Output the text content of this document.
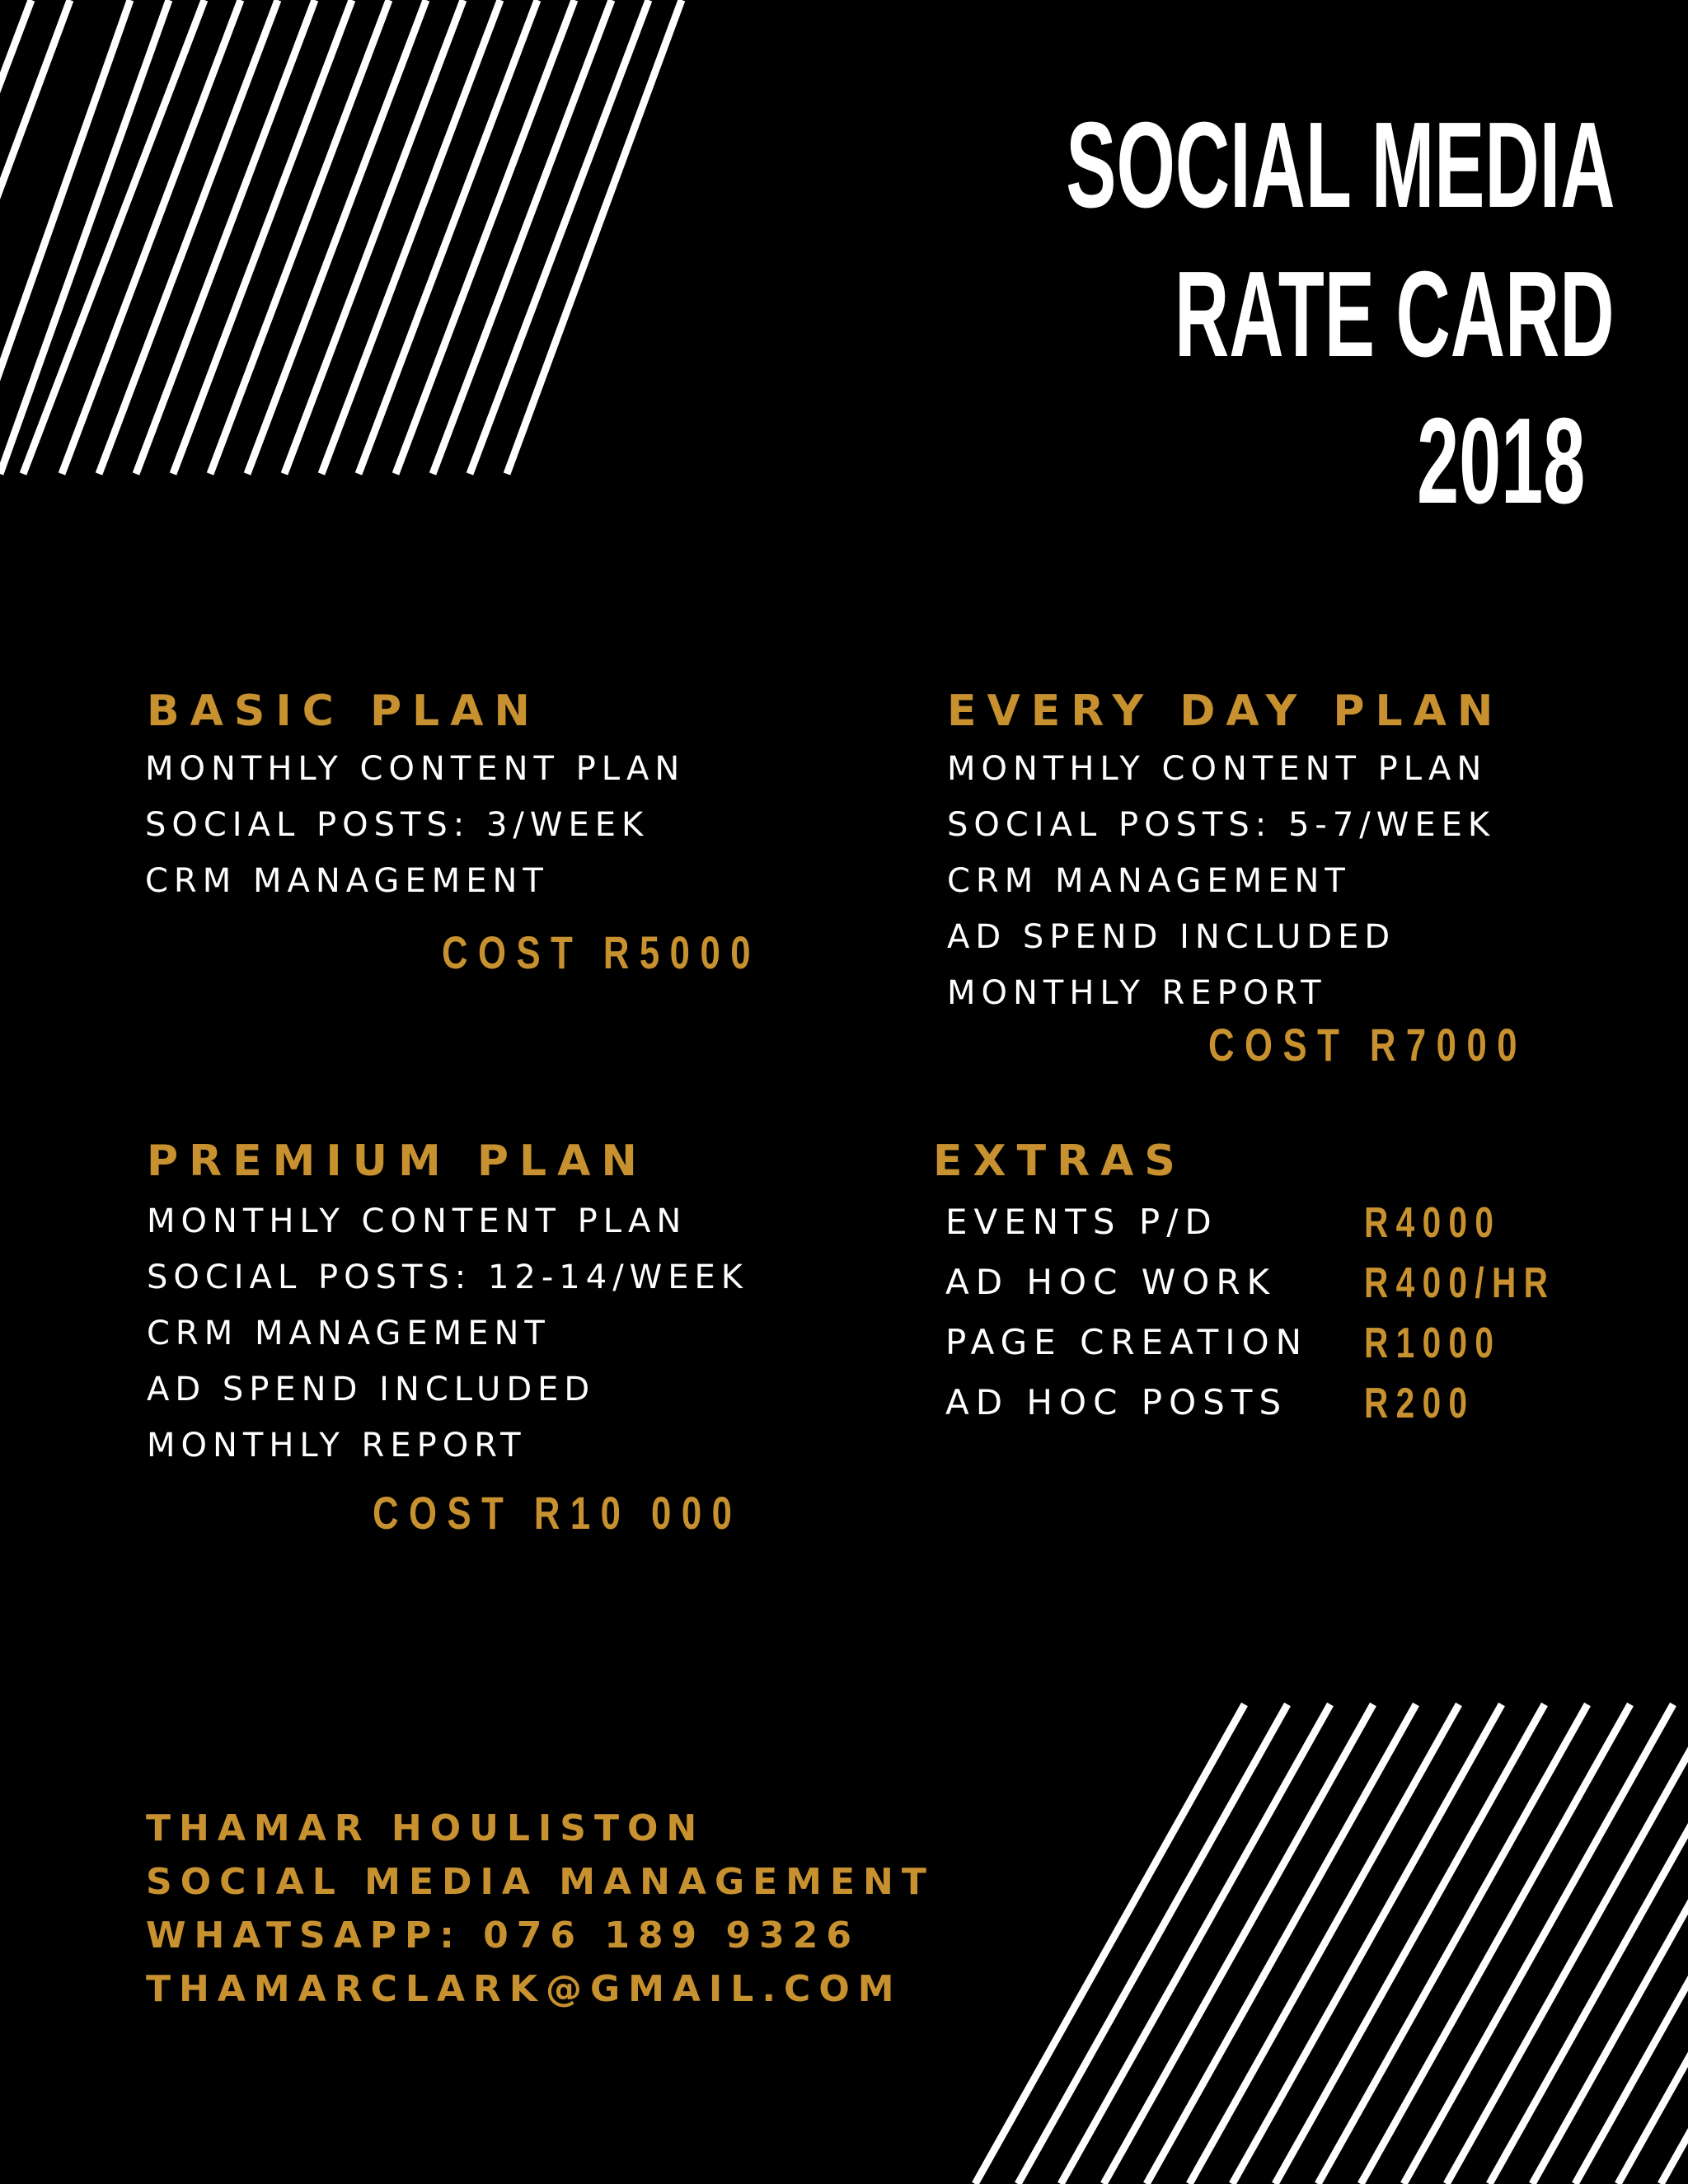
SOCIAL MEDIA
RATE CARD
2018
BASIC PLAN
MONTHLY CONTENT PLAN
SOCIAL POSTS: 3/WEEK
CRM MANAGEMENT
COST R5000
EVERY DAY PLAN
MONTHLY CONTENT PLAN
SOCIAL POSTS: 5-7/WEEK
CRM MANAGEMENT
AD SPEND INCLUDED
MONTHLY REPORT
COST R7000
PREMIUM PLAN
MONTHLY CONTENT PLAN
SOCIAL POSTS: 12-14/WEEK
CRM MANAGEMENT
AD SPEND INCLUDED
MONTHLY REPORT
COST R10 000
EXTRAS
EVENTS P/D	R4000
AD HOC WORK R400/HR
PAGE CREATION R1000
AD HOC POSTS R200
THAMAR HOULISTON
SOCIAL MEDIA MANAGEMENT
WHATSAPP: 076 189 9326
THAMARCLARK@GMAIL.COM
